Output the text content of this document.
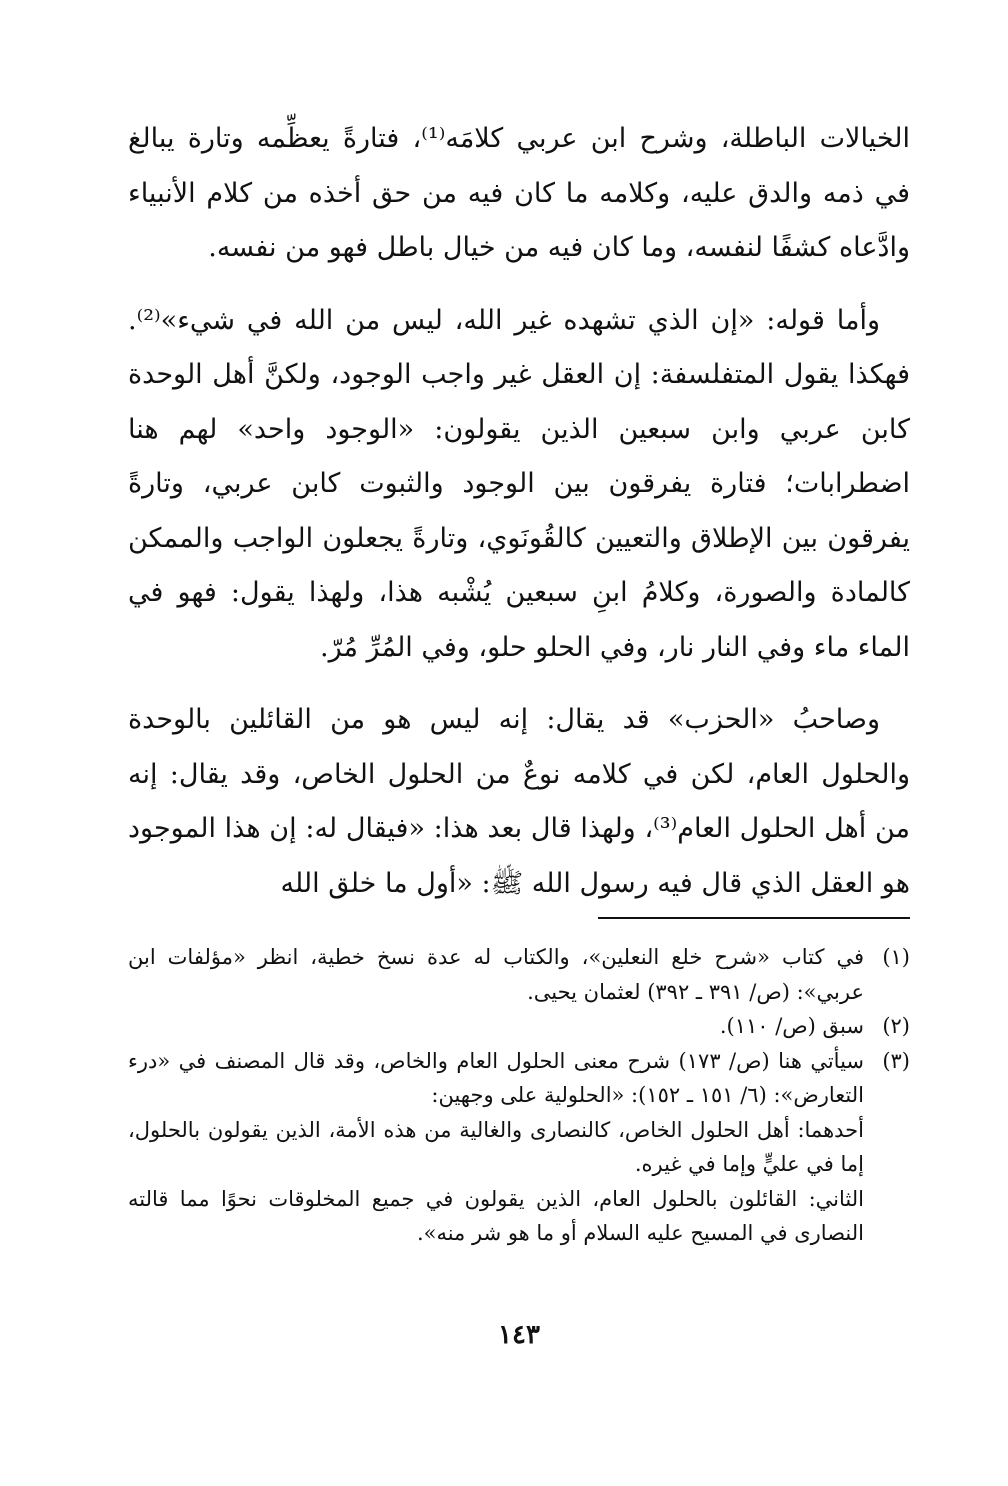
الخيالات الباطلة، وشرح ابن عربي كلامَه⁽¹⁾، فتارةً يعظِّمه وتارة يبالغ في ذمه والدق عليه، وكلامه ما كان فيه من حق أخذه من كلام الأنبياء وادَّعاه كشفًا لنفسه، وما كان فيه من خيال باطل فهو من نفسه.

وأما قوله: «إن الذي تشهده غير الله، ليس من الله في شيء»⁽²⁾. فهكذا يقول المتفلسفة: إن العقل غير واجب الوجود، ولكنَّ أهل الوحدة كابن عربي وابن سبعين الذين يقولون: «الوجود واحد» لهم هنا اضطرابات؛ فتارة يفرقون بين الوجود والثبوت كابن عربي، وتارةً يفرقون بين الإطلاق والتعيين كالقُونَوي، وتارةً يجعلون الواجب والممكن كالمادة والصورة، وكلامُ ابنِ سبعين يُشْبه هذا، ولهذا يقول: فهو في الماء ماء وفي النار نار، وفي الحلو حلو، وفي المُرِّ مُرّ.

وصاحبُ «الحزب» قد يقال: إنه ليس هو من القائلين بالوحدة والحلول العام، لكن في كلامه نوعٌ من الحلول الخاص، وقد يقال: إنه من أهل الحلول العام⁽³⁾، ولهذا قال بعد هذا: «فيقال له: إن هذا الموجود هو العقل الذي قال فيه رسول الله ﷺ: «أول ما خلق الله

(١)

في كتاب «شرح خلع النعلين»، والكتاب له عدة نسخ خطية، انظر «مؤلفات ابن عربي»: (ص/ ٣٩١ ـ ٣٩٢) لعثمان يحيى.

(٢)

سبق (ص/ ١١٠).

(٣)

سيأتي هنا (ص/ ١٧٣) شرح معنى الحلول العام والخاص، وقد قال المصنف في «درء التعارض»: (٦/ ١٥١ ـ ١٥٢): «الحلولية على وجهين:

أحدهما: أهل الحلول الخاص، كالنصارى والغالية من هذه الأمة، الذين يقولون بالحلول، إما في عليٍّ وإما في غيره.

الثاني: القائلون بالحلول العام، الذين يقولون في جميع المخلوقات نحوًا مما قالته النصارى في المسيح عليه السلام أو ما هو شر منه».

١٤٣
